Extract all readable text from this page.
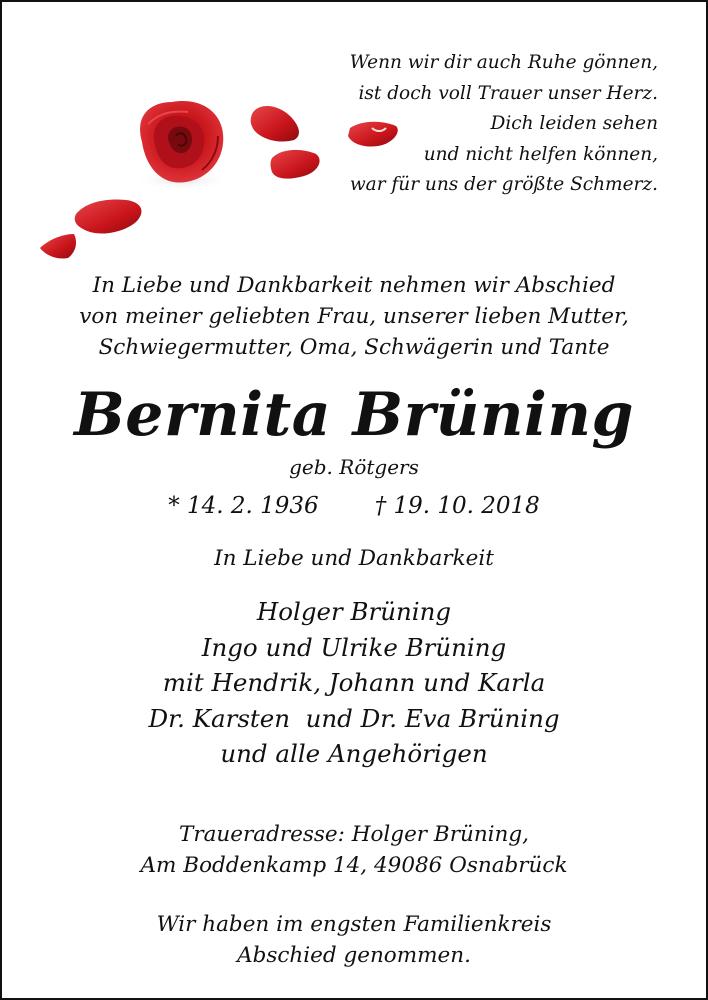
Wenn wir dir auch Ruhe gönnen,
ist doch voll Trauer unser Herz.
Dich leiden sehen
und nicht helfen können,
war für uns der größte Schmerz.
In Liebe und Dankbarkeit nehmen wir Abschied
von meiner geliebten Frau, unserer lieben Mutter,
Schwiegermutter, Oma, Schwägerin und Tante
Bernita Brüning
geb. Rötgers
* 14. 2. 1936 † 19. 10. 2018
In Liebe und Dankbarkeit
Holger Brüning
Ingo und Ulrike Brüning
mit Hendrik, Johann und Karla
Dr. Karsten  und Dr. Eva Brüning
und alle Angehörigen
Traueradresse: Holger Brüning,
Am Boddenkamp 14, 49086 Osnabrück
Wir haben im engsten Familienkreis
Abschied genommen.
